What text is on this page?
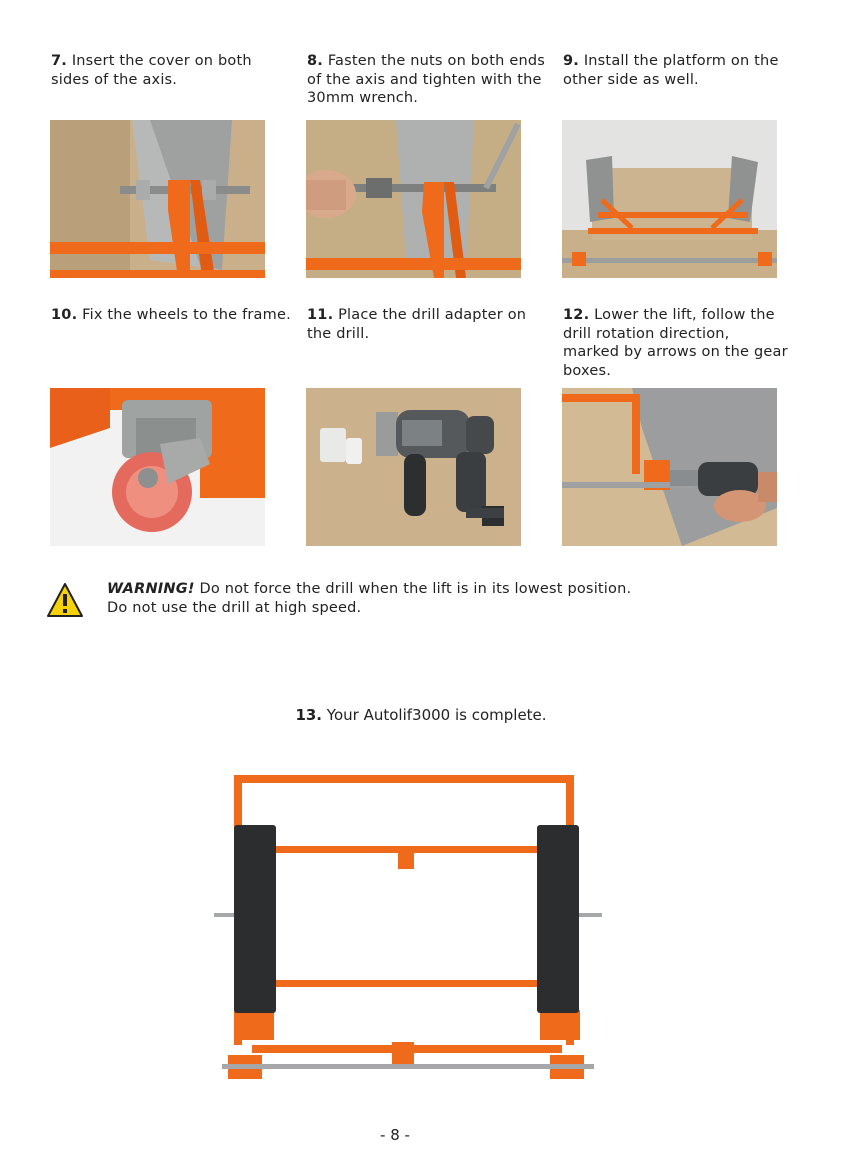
7. Insert the cover on both sides of the axis.
8. Fasten the nuts on both ends of the axis and tighten with the 30mm wrench.
9. Install the platform on the other side as well.
10. Fix the wheels to the frame. 11. Place the drill adapter on the drill.
12. Lower the lift, follow the drill rotation direction, marked by arrows on the gear boxes.
WARNING! Do not force the drill when the lift is in its lowest position.
Do not use the drill at high speed.
13. Your Autolif3000 is complete.
- 8 -
